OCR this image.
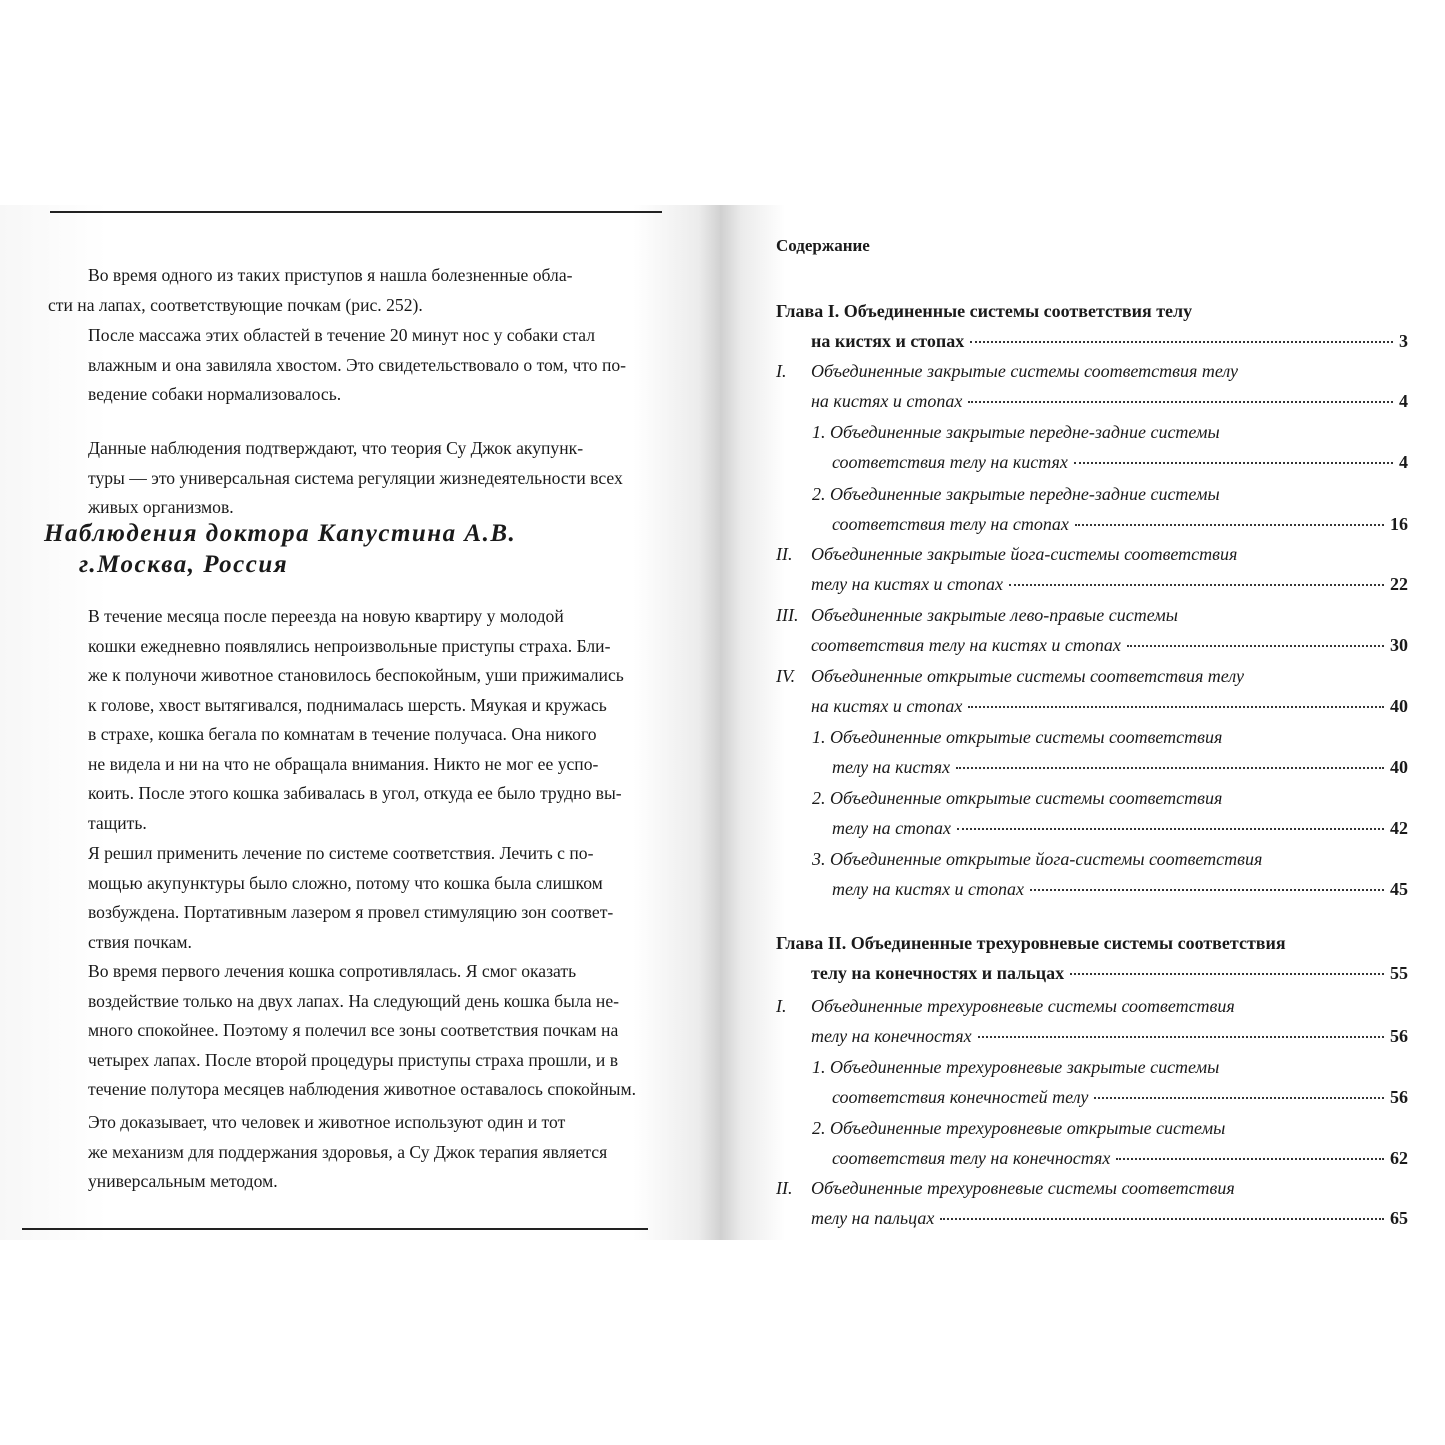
Во время одного из таких приступов я нашла болезненные обла-
сти на лапах, соответствующие почкам (рис. 252).

После массажа этих областей в течение 20 минут нос у собаки стал
влажным и она завиляла хвостом. Это свидетельствовало о том, что по-
ведение собаки нормализовалось.

Данные наблюдения подтверждают, что теория Су Джок акупунк-
туры — это универсальная система регуляции жизнедеятельности всех
живых организмов.

Наблюдения доктора Капустина А.В.
г.Москва, Россия

В течение месяца после переезда на новую квартиру у молодой
кошки ежедневно появлялись непроизвольные приступы страха. Бли-
же к полуночи животное становилось беспокойным, уши прижимались
к голове, хвост вытягивался, поднималась шерсть. Мяукая и кружась
в страхе, кошка бегала по комнатам в течение получаса. Она никого
не видела и ни на что не обращала внимания. Никто не мог ее успо-
коить. После этого кошка забивалась в угол, откуда ее было трудно вы-
тащить.

Я решил применить лечение по системе соответствия. Лечить с по-
мощью акупунктуры было сложно, потому что кошка была слишком
возбуждена. Портативным лазером я провел стимуляцию зон соответ-
ствия почкам.

Во время первого лечения кошка сопротивлялась. Я смог оказать
воздействие только на двух лапах. На следующий день кошка была не-
много спокойнее. Поэтому я полечил все зоны соответствия почкам на
четырех лапах. После второй процедуры приступы страха прошли, и в
течение полутора месяцев наблюдения животное оставалось спокойным.

Это доказывает, что человек и животное используют один и тот
же механизм для поддержания здоровья, а Су Джок терапия является
универсальным методом.

Содержание
Глава I. Объединенные системы соответствия телу
на кистях и стопах	3
I. Объединенные закрытые системы соответствия телу
на кистях и стопах	4
1. Объединенные закрытые передне-задние системы
соответствия телу на кистях	4
2. Объединенные закрытые передне-задние системы
соответствия телу на стопах	16
II. Объединенные закрытые йога-системы соответствия
телу на кистях и стопах	22
III. Объединенные закрытые лево-правые системы
соответствия телу на кистях и стопах	30
IV. Объединенные открытые системы соответствия телу
на кистях и стопах	40
1. Объединенные открытые системы соответствия
телу на кистях	40
2. Объединенные открытые системы соответствия
телу на стопах	42
3. Объединенные открытые йога-системы соответствия
телу на кистях и стопах	45
Глава II. Объединенные трехуровневые системы соответствия
телу на конечностях и пальцах	55
I. Объединенные трехуровневые системы соответствия
телу на конечностях	56
1. Объединенные трехуровневые закрытые системы
соответствия конечностей телу	56
2. Объединенные трехуровневые открытые системы
соответствия телу на конечностях	62
II. Объединенные трехуровневые системы соответствия
телу на пальцах	65
